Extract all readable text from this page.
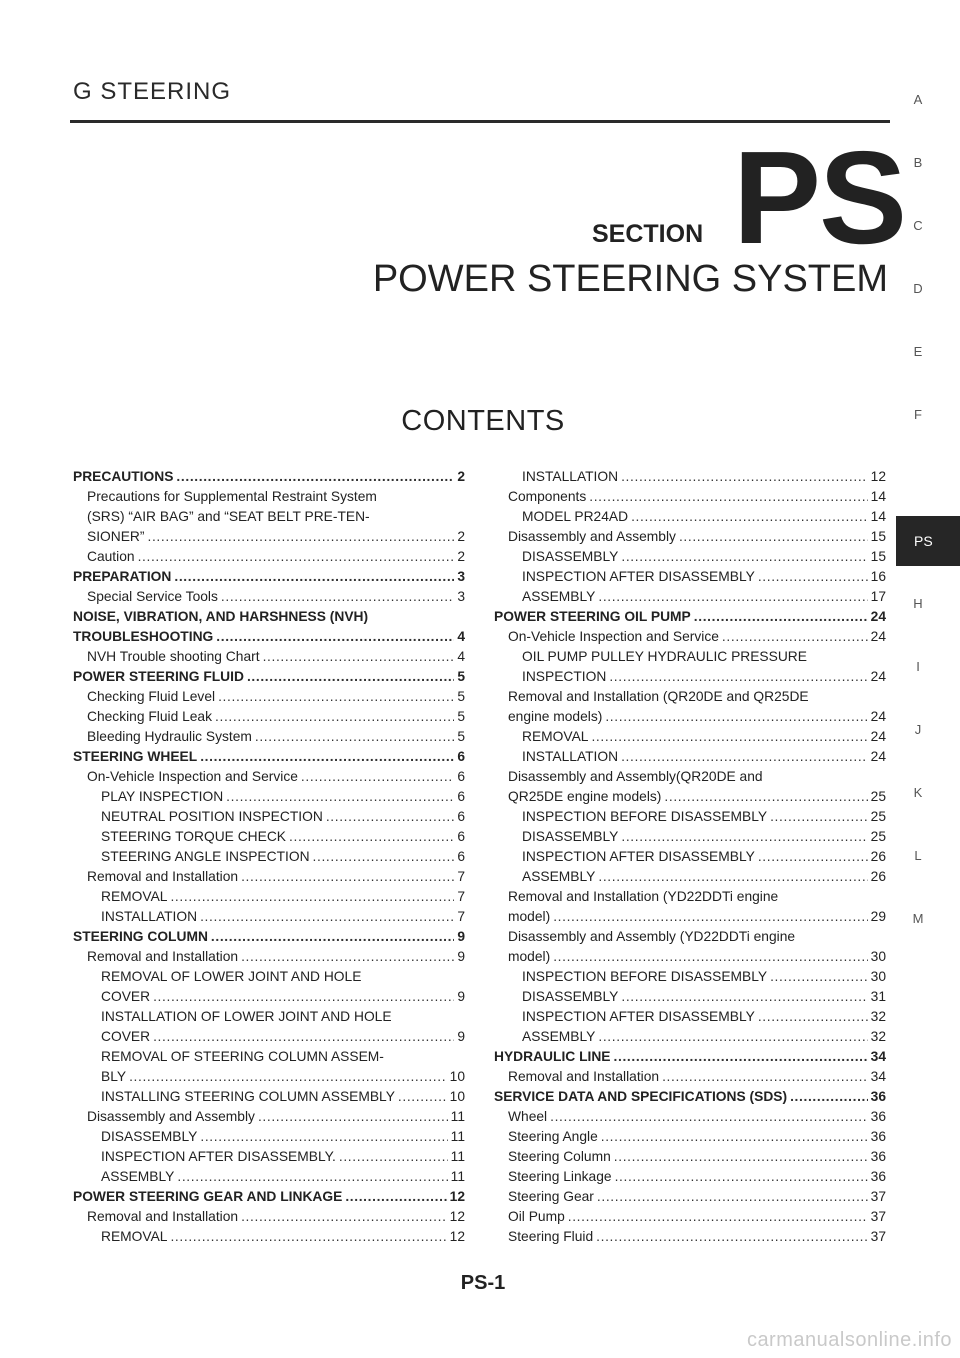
G STEERING
SECTION PS
POWER STEERING SYSTEM
CONTENTS
A
B
C
D
E
F
PS
H
I
J
K
L
M
PRECAUTIONS . . .	2
Precautions for Supplemental Restraint System
(SRS) “AIR BAG” and “SEAT BELT PRE-TEN-
SIONER” . . .	2
Caution . . .	2
PREPARATION . . .	3
Special Service Tools . . .	3
NOISE, VIBRATION, AND HARSHNESS (NVH)
TROUBLESHOOTING . . .	4
NVH Trouble shooting Chart . . .	4
POWER STEERING FLUID . . .	5
Checking Fluid Level . . .	5
Checking Fluid Leak . . .	5
Bleeding Hydraulic System . . .	5
STEERING WHEEL . . .	6
On-Vehicle Inspection and Service . . .	6
PLAY INSPECTION . . .	6
NEUTRAL POSITION INSPECTION . . .	6
STEERING TORQUE CHECK . . .	6
STEERING ANGLE INSPECTION . . .	6
Removal and Installation . . .	7
REMOVAL . . .	7
INSTALLATION . . .	7
STEERING COLUMN . . .	9
Removal and Installation . . .	9
REMOVAL OF LOWER JOINT AND HOLE
COVER . . .	9
INSTALLATION OF LOWER JOINT AND HOLE
COVER . . .	9
REMOVAL OF STEERING COLUMN ASSEM-
BLY . . .	10
INSTALLING STEERING COLUMN ASSEMBLY . . .	10
Disassembly and Assembly . . .	11
DISASSEMBLY . . .	11
INSPECTION AFTER DISASSEMBLY. . . .	11
ASSEMBLY . . .	11
POWER STEERING GEAR AND LINKAGE . . .	12
Removal and Installation . . .	12
REMOVAL . . .	12
INSTALLATION . . .	12
Components . . .	14
MODEL PR24AD . . .	14
Disassembly and Assembly . . .	15
DISASSEMBLY . . .	15
INSPECTION AFTER DISASSEMBLY . . .	16
ASSEMBLY . . .	17
POWER STEERING OIL PUMP . . .	24
On-Vehicle Inspection and Service . . .	24
OIL PUMP PULLEY HYDRAULIC PRESSURE
INSPECTION . . .	24
Removal and Installation (QR20DE and QR25DE
engine models) . . .	24
REMOVAL . . .	24
INSTALLATION . . .	24
Disassembly and Assembly(QR20DE and
QR25DE engine models) . . .	25
INSPECTION BEFORE DISASSEMBLY . . .	25
DISASSEMBLY . . .	25
INSPECTION AFTER DISASSEMBLY . . .	26
ASSEMBLY . . .	26
Removal and Installation (YD22DDTi engine
model) . . .	29
Disassembly and Assembly (YD22DDTi engine
model) . . .	30
INSPECTION BEFORE DISASSEMBLY . . .	30
DISASSEMBLY . . .	31
INSPECTION AFTER DISASSEMBLY . . .	32
ASSEMBLY . . .	32
HYDRAULIC LINE . . .	34
Removal and Installation . . .	34
SERVICE DATA AND SPECIFICATIONS (SDS) . . .	36
Wheel . . .	36
Steering Angle . . .	36
Steering Column . . .	36
Steering Linkage . . .	36
Steering Gear . . .	37
Oil Pump . . .	37
Steering Fluid . . .	37
PS-1
carmanualsonline.info
